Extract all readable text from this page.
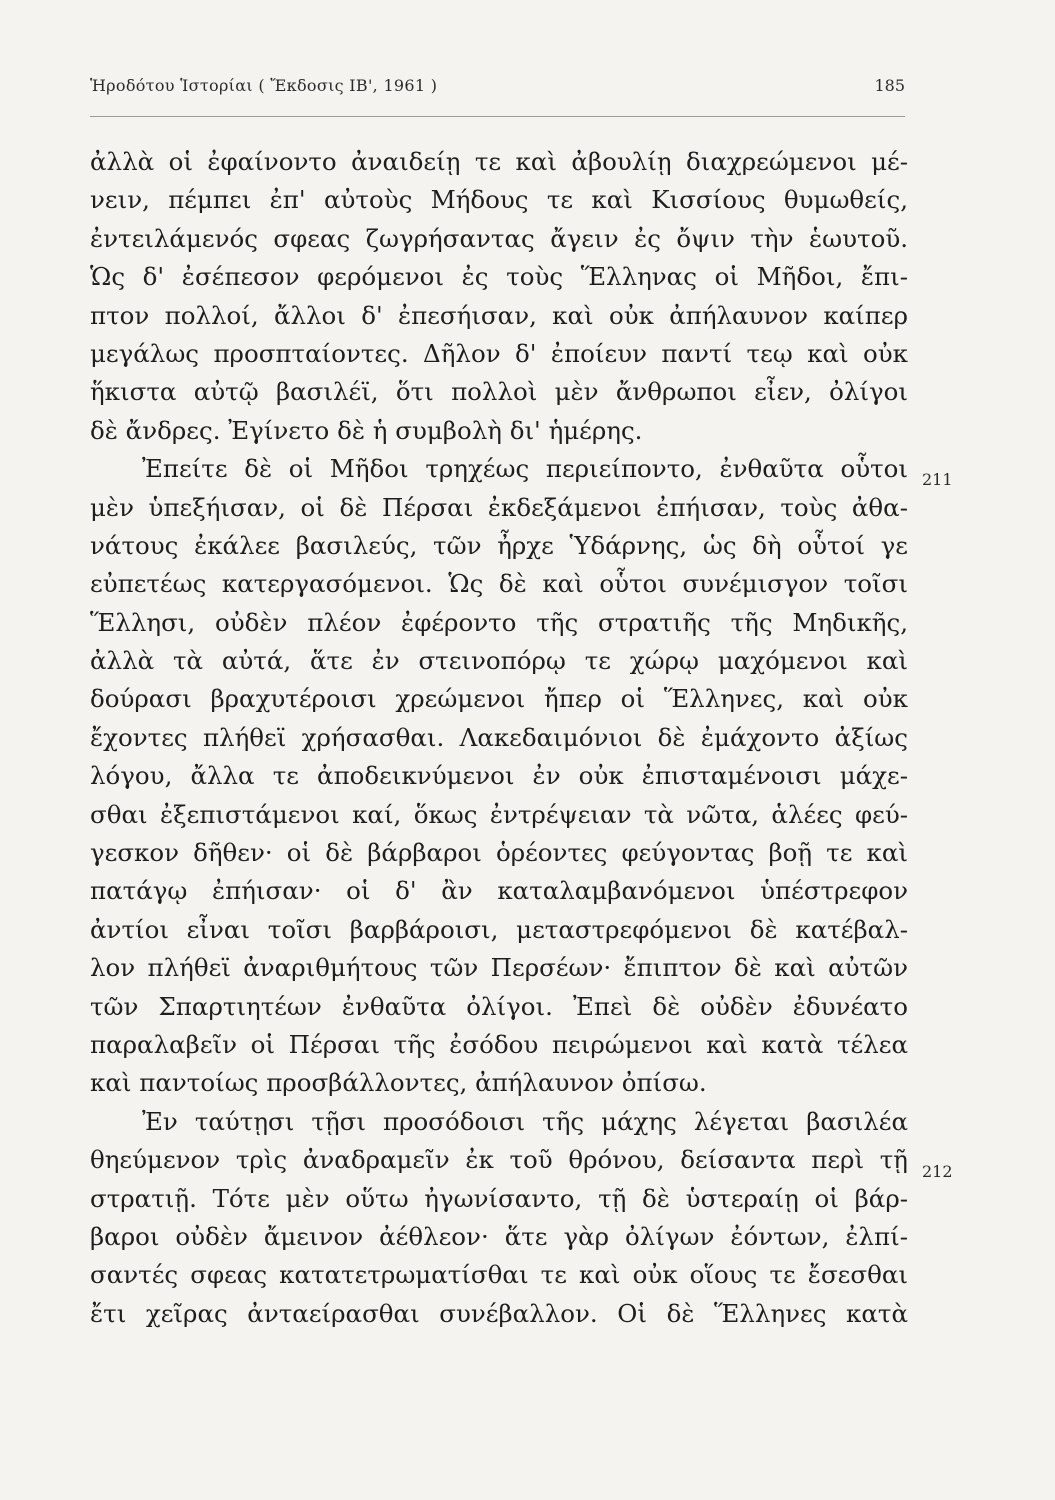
Ἡροδότου Ἱστορίαι ( Ἔκδοσις ΙΒ', 1961 )	185
ἀλλὰ οἱ ἐφαίνοντο ἀναιδείῃ τε καὶ ἀβουλίῃ διαχρεώμενοι μέ-
νειν, πέμπει ἐπ' αὐτοὺς Μήδους τε καὶ Κισσίους θυμωθείς,
ἐντειλάμενός σφεας ζωγρήσαντας ἄγειν ἐς ὄψιν τὴν ἑωυτοῦ.
Ὡς δ' ἐσέπεσον φερόμενοι ἐς τοὺς Ἕλληνας οἱ Μῆδοι, ἔπι-
πτον πολλοί, ἄλλοι δ' ἐπεσήισαν, καὶ οὐκ ἀπήλαυνον καίπερ
μεγάλως προσπταίοντες. Δῆλον δ' ἐποίευν παντί τεῳ καὶ οὐκ
ἥκιστα αὐτῷ βασιλέϊ, ὅτι πολλοὶ μὲν ἄνθρωποι εἶεν, ὀλίγοι
δὲ ἄνδρες. Ἐγίνετο δὲ ἡ συμβολὴ δι' ἡμέρης.
Ἐπείτε δὲ οἱ Μῆδοι τρηχέως περιείποντο, ἐνθαῦτα οὗτοι
μὲν ὑπεξήισαν, οἱ δὲ Πέρσαι ἐκδεξάμενοι ἐπήισαν, τοὺς ἀθα-
νάτους ἐκάλεε βασιλεύς, τῶν ἦρχε Ὑδάρνης, ὡς δὴ οὗτοί γε
εὐπετέως κατεργασόμενοι. Ὡς δὲ καὶ οὗτοι συνέμισγον τοῖσι
Ἕλλησι, οὐδὲν πλέον ἐφέροντο τῆς στρατιῆς τῆς Μηδικῆς,
ἀλλὰ τὰ αὐτά, ἅτε ἐν στεινοπόρῳ τε χώρῳ μαχόμενοι καὶ
δούρασι βραχυτέροισι χρεώμενοι ἤπερ οἱ Ἕλληνες, καὶ οὐκ
ἔχοντες πλήθεϊ χρήσασθαι. Λακεδαιμόνιοι δὲ ἐμάχοντο ἀξίως
λόγου, ἄλλα τε ἀποδεικνύμενοι ἐν οὐκ ἐπισταμένοισι μάχε-
σθαι ἐξεπιστάμενοι καί, ὅκως ἐντρέψειαν τὰ νῶτα, ἁλέες φεύ-
γεσκον δῆθεν· οἱ δὲ βάρβαροι ὁρέοντες φεύγοντας βοῇ τε καὶ
πατάγῳ ἐπήισαν· οἱ δ' ἂν καταλαμβανόμενοι ὑπέστρεφον
ἀντίοι εἶναι τοῖσι βαρβάροισι, μεταστρεφόμενοι δὲ κατέβαλ-
λον πλήθεϊ ἀναριθμήτους τῶν Περσέων· ἔπιπτον δὲ καὶ αὐτῶν
τῶν Σπαρτιητέων ἐνθαῦτα ὀλίγοι. Ἐπεὶ δὲ οὐδὲν ἐδυνέατο
παραλαβεῖν οἱ Πέρσαι τῆς ἐσόδου πειρώμενοι καὶ κατὰ τέλεα
καὶ παντοίως προσβάλλοντες, ἀπήλαυνον ὀπίσω.
Ἐν ταύτῃσι τῇσι προσόδοισι τῆς μάχης λέγεται βασιλέα
θηεύμενον τρὶς ἀναδραμεῖν ἐκ τοῦ θρόνου, δείσαντα περὶ τῇ
στρατιῇ. Τότε μὲν οὕτω ἠγωνίσαντο, τῇ δὲ ὑστεραίῃ οἱ βάρ-
βαροι οὐδὲν ἄμεινον ἀέθλεον· ἅτε γὰρ ὀλίγων ἐόντων, ἐλπί-
σαντές σφεας κατατετρωματίσθαι τε καὶ οὐκ οἵους τε ἔσεσθαι
ἔτι χεῖρας ἀνταείρασθαι συνέβαλλον. Οἱ δὲ Ἕλληνες κατὰ
211
212
